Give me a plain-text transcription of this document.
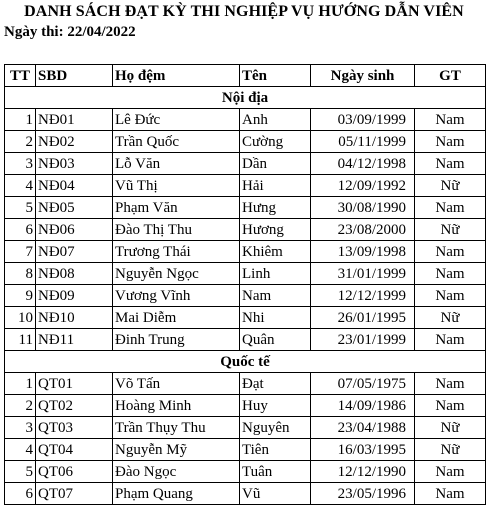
DANH SÁCH ĐẠT KỲ THI NGHIỆP VỤ HƯỚNG DẪN VIÊN
Ngày thi: 22/04/2022
TT	SBD	Họ đệm	Tên	Ngày sinh	GT
Nội địa					
1	NĐ01	Lê Đức	Anh	03/09/1999	Nam
2	NĐ02	Trần Quốc	Cường	05/11/1999	Nam
3	NĐ03	Lỗ Văn	Dần	04/12/1998	Nam
4	NĐ04	Vũ Thị	Hải	12/09/1992	Nữ
5	NĐ05	Phạm Văn	Hưng	30/08/1990	Nam
6	NĐ06	Đào Thị Thu	Hương	23/08/2000	Nữ
7	NĐ07	Trương Thái	Khiêm	13/09/1998	Nam
8	NĐ08	Nguyễn Ngọc	Linh	31/01/1999	Nam
9	NĐ09	Vương Vĩnh	Nam	12/12/1999	Nam
10	NĐ10	Mai Diễm	Nhi	26/01/1995	Nữ
11	NĐ11	Đinh Trung	Quân	23/01/1999	Nam
Quốc tế					
1	QT01	Võ Tấn	Đạt	07/05/1975	Nam
2	QT02	Hoàng Minh	Huy	14/09/1986	Nam
3	QT03	Trần Thụy Thu	Nguyên	23/04/1988	Nữ
4	QT04	Nguyễn Mỹ	Tiên	16/03/1995	Nữ
5	QT06	Đào Ngọc	Tuân	12/12/1990	Nam
6	QT07	Phạm Quang	Vũ	23/05/1996	Nam
